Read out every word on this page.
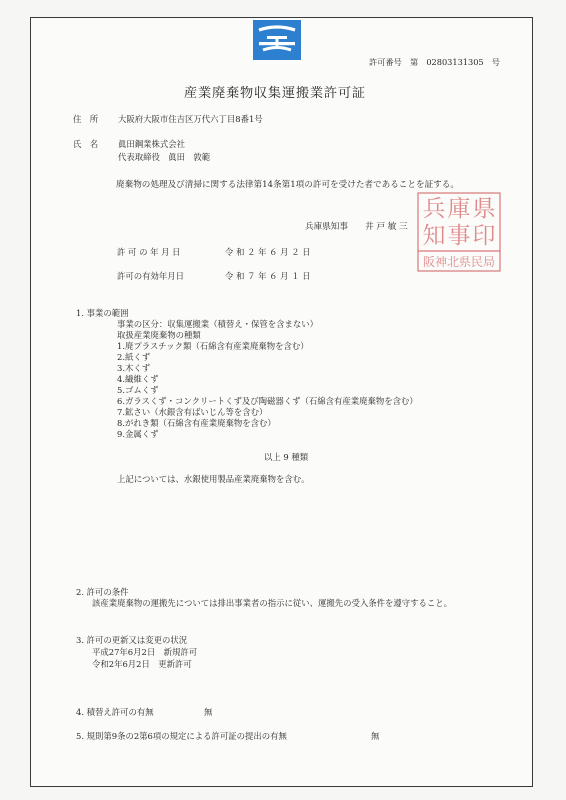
許可番号　第　02803131305　号
産業廃棄物収集運搬業許可証
住　所 大阪府大阪市住吉区万代六丁目8番1号
氏　名 眞田鋼業株式会社
代表取締役　眞田　敦範
廃棄物の処理及び清掃に関する法律第14条第1項の許可を受けた者であることを証する。
兵庫県知事　　井 戸 敏 三
兵 庫 県
知 事 印
阪神北県民局
許 可 の 年 月 日	令 和 ２ 年 ６ 月 ２ 日
許可の有効年月日	令 和 ７ 年 ６ 月 １ 日
1. 事業の範囲
事業の区分：収集運搬業（積替え・保管を含まない）
取扱産業廃棄物の種類
1.廃プラスチック類（石綿含有産業廃棄物を含む）
2.紙くず
3.木くず
4.繊維くず
5.ゴムくず
6.ガラスくず・コンクリートくず及び陶磁器くず（石綿含有産業廃棄物を含む）
7.鉱さい（水銀含有ばいじん等を含む）
8.がれき類（石綿含有産業廃棄物を含む）
9.金属くず
以上 9 種類
上記については、水銀使用製品産業廃棄物を含む。
2. 許可の条件
該産業廃棄物の運搬先については排出事業者の指示に従い、運搬先の受入条件を遵守すること。
3. 許可の更新又は変更の状況
平成27年6月2日　新規許可
令和2年6月2日　更新許可
4. 積替え許可の有無	無
5. 規則第9条の2第6項の規定による許可証の提出の有無	無
